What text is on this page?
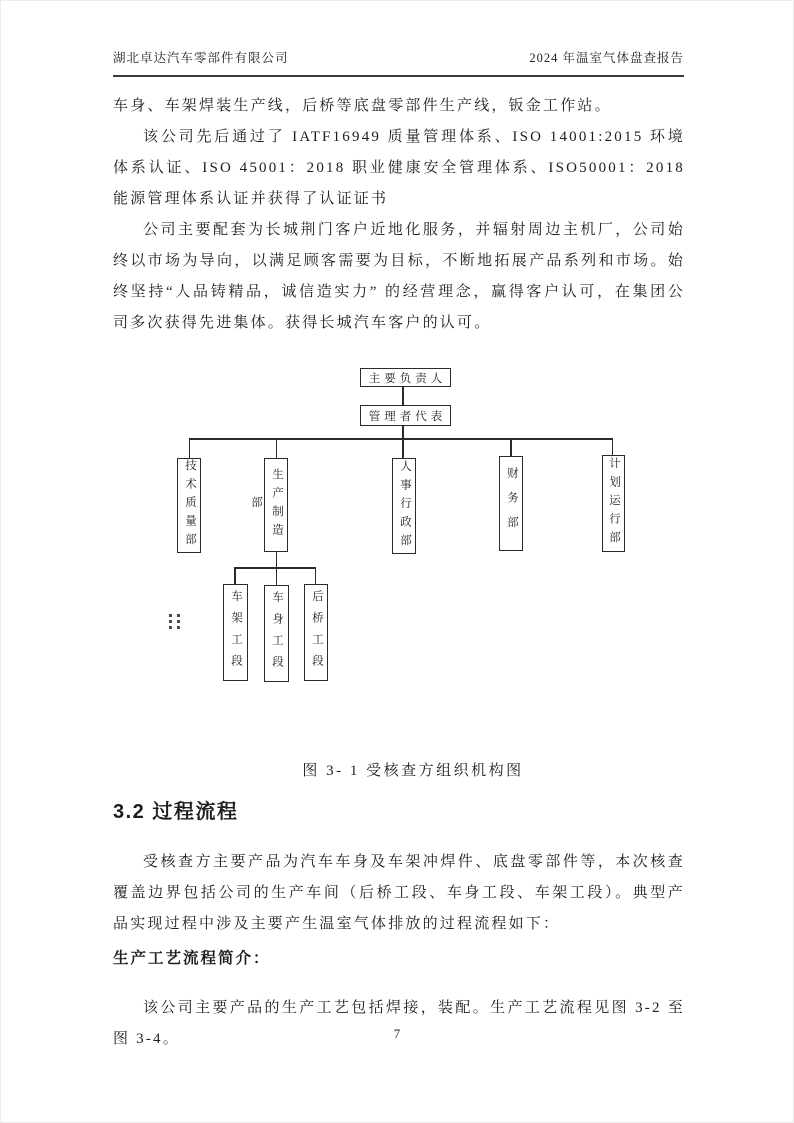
湖北卓达汽车零部件有限公司	2024 年温室气体盘查报告

车身、车架焊装生产线，后桥等底盘零部件生产线，钣金工作站。

该公司先后通过了 IATF16949 质量管理体系、ISO 14001:2015 环境体系认证、ISO 45001：2018 职业健康安全管理体系、ISO50001：2018 能源管理体系认证并获得了认证证书

公司主要配套为长城荆门客户近地化服务，并辐射周边主机厂，公司始终以市场为导向，以满足顾客需要为目标，不断地拓展产品系列和市场。始终坚持“人品铸精品，诚信造实力” 的经营理念，赢得客户认可，在集团公司多次获得先进集体。获得长城汽车客户的认可。

主要负责人
管理者代表
技术质量部	生产制造部	人事行政部	财务部	计划运行部
车架工段	车身工段	后桥工段
图 3- 1 受核查方组织机构图
3.2 过程流程

受核查方主要产品为汽车车身及车架冲焊件、底盘零部件等，本次核查覆盖边界包括公司的生产车间（后桥工段、车身工段、车架工段）。典型产品实现过程中涉及主要产生温室气体排放的过程流程如下：

生产工艺流程简介：

该公司主要产品的生产工艺包括焊接，装配。生产工艺流程见图 3-2 至图 3-4。	7
